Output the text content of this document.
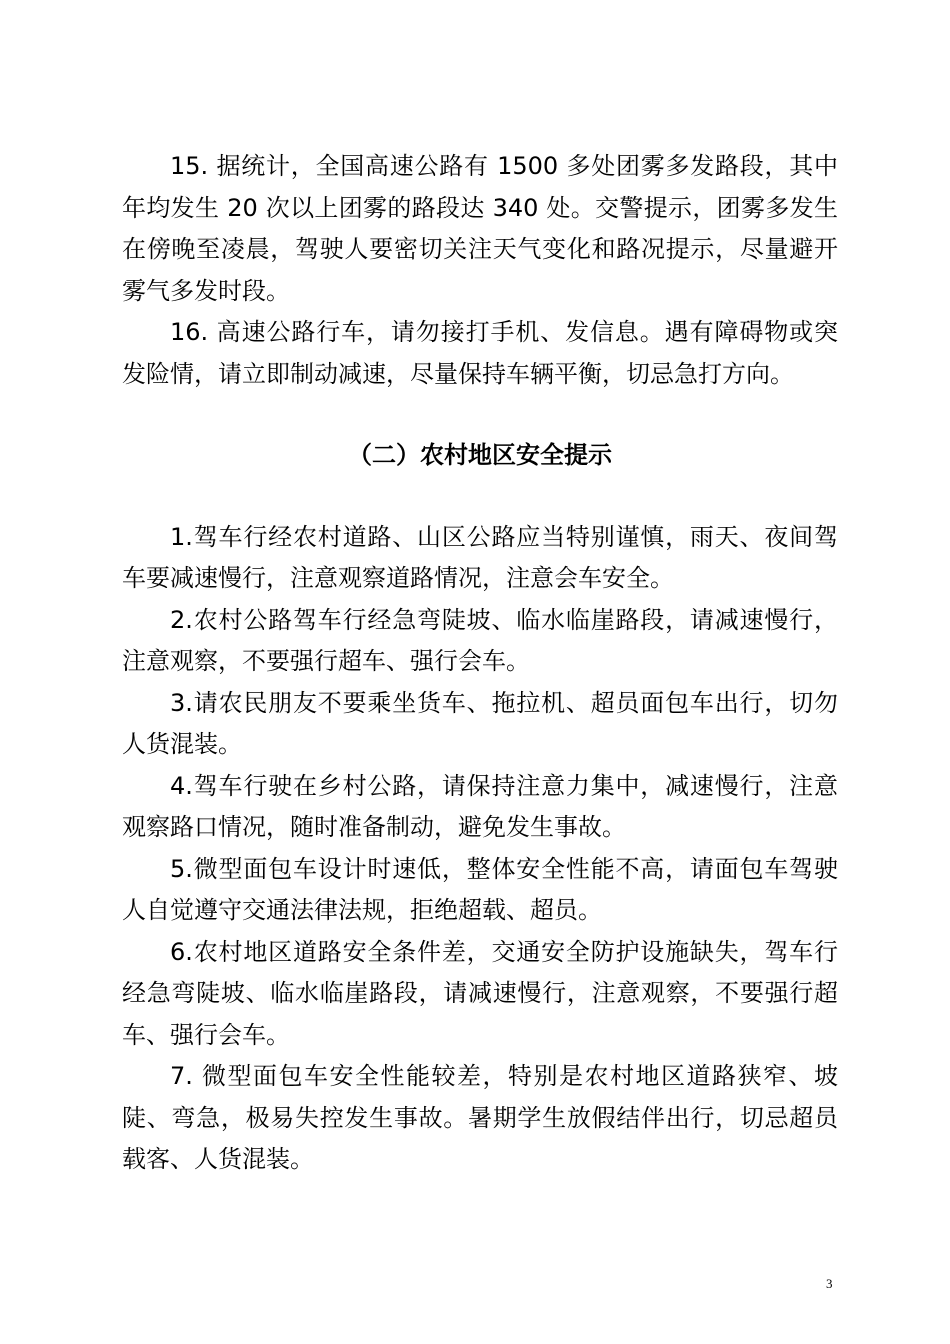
15. 据统计，全国高速公路有 1500 多处团雾多发路段，其中年均发生 20 次以上团雾的路段达 340 处。交警提示，团雾多发生在傍晚至凌晨，驾驶人要密切关注天气变化和路况提示，尽量避开雾气多发时段。

16. 高速公路行车，请勿接打手机、发信息。遇有障碍物或突发险情，请立即制动减速，尽量保持车辆平衡，切忌急打方向。

（二）农村地区安全提示

1.驾车行经农村道路、山区公路应当特别谨慎，雨天、夜间驾车要减速慢行，注意观察道路情况，注意会车安全。

2.农村公路驾车行经急弯陡坡、临水临崖路段，请减速慢行，注意观察，不要强行超车、强行会车。

3.请农民朋友不要乘坐货车、拖拉机、超员面包车出行，切勿人货混装。

4.驾车行驶在乡村公路，请保持注意力集中，减速慢行，注意观察路口情况，随时准备制动，避免发生事故。

5.微型面包车设计时速低，整体安全性能不高，请面包车驾驶人自觉遵守交通法律法规，拒绝超载、超员。

6.农村地区道路安全条件差，交通安全防护设施缺失，驾车行经急弯陡坡、临水临崖路段，请减速慢行，注意观察，不要强行超车、强行会车。

7. 微型面包车安全性能较差，特别是农村地区道路狭窄、坡陡、弯急，极易失控发生事故。暑期学生放假结伴出行，切忌超员载客、人货混装。

3
